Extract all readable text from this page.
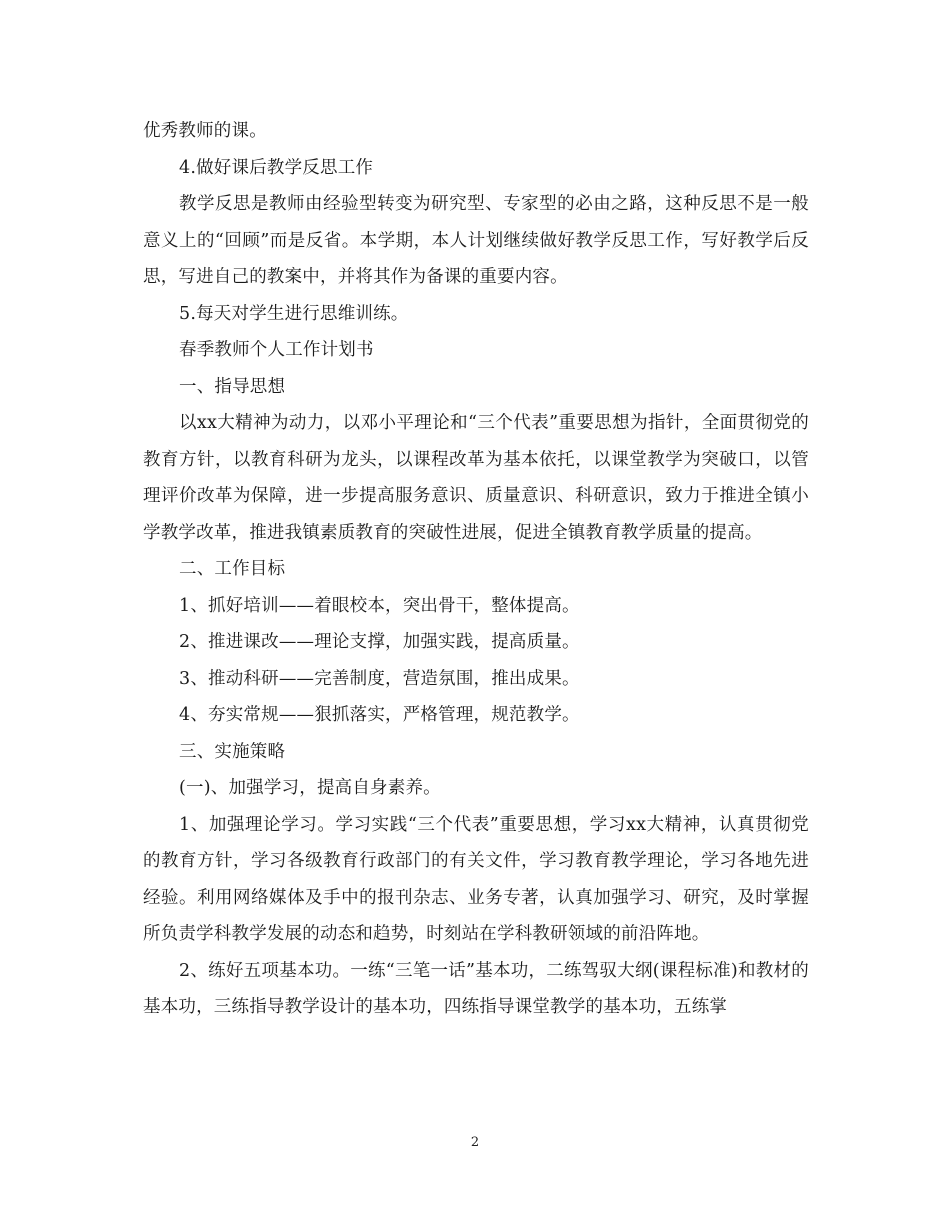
优秀教师的课。

4.做好课后教学反思工作

教学反思是教师由经验型转变为研究型、专家型的必由之路，这种反思不是一般意义上的“回顾”而是反省。本学期，本人计划继续做好教学反思工作，写好教学后反思，写进自己的教案中，并将其作为备课的重要内容。

5.每天对学生进行思维训练。

春季教师个人工作计划书

一、指导思想

以xx大精神为动力，以邓小平理论和“三个代表”重要思想为指针，全面贯彻党的教育方针，以教育科研为龙头，以课程改革为基本依托，以课堂教学为突破口，以管理评价改革为保障，进一步提高服务意识、质量意识、科研意识，致力于推进全镇小学教学改革，推进我镇素质教育的突破性进展，促进全镇教育教学质量的提高。

二、工作目标

1、抓好培训——着眼校本，突出骨干，整体提高。

2、推进课改——理论支撑，加强实践，提高质量。

3、推动科研——完善制度，营造氛围，推出成果。

4、夯实常规——狠抓落实，严格管理，规范教学。

三、实施策略

(一)、加强学习，提高自身素养。

1、加强理论学习。学习实践“三个代表”重要思想，学习xx大精神，认真贯彻党的教育方针，学习各级教育行政部门的有关文件，学习教育教学理论，学习各地先进经验。利用网络媒体及手中的报刊杂志、业务专著，认真加强学习、研究，及时掌握所负责学科教学发展的动态和趋势，时刻站在学科教研领域的前沿阵地。

2、练好五项基本功。一练“三笔一话”基本功，二练驾驭大纲(课程标准)和教材的基本功，三练指导教学设计的基本功，四练指导课堂教学的基本功，五练掌

2
